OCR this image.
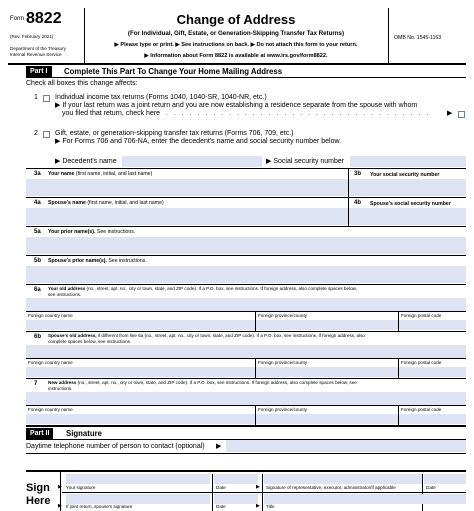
Form 8822
(Rev. February 2021)
Department of the Treasury Internal Revenue Service
Change of Address
(For Individual, Gift, Estate, or Generation-Skipping Transfer Tax Returns)
▶ Please type or print. ▶ See instructions on back. ▶ Do not attach this form to your return.
▶ Information about Form 8822 is available at www.irs.gov/form8822.
OMB No. 1545-1163
Part I	Complete This Part To Change Your Home Mailing Address
Check all boxes this change affects:
1 Individual income tax returns (Forms 1040, 1040-SR, 1040-NR, etc.)
▶ If your last return was a joint return and you are now establishing a residence separate from the spouse with whom
you filed that return, check here . . . . . . . . . . . . . . . . . . . . . . . . . . . . . . . . . . ▶
2 Gift, estate, or generation-skipping transfer tax returns (Forms 706, 709, etc.)
▶ For Forms 706 and 706-NA, enter the decedent's name and social security number below.
▶ Decedent's name	▶ Social security number
3a Your name (first name, initial, and last name)	3b Your social security number
4a Spouse's name (first name, initial, and last name)	4b Spouse's social security number
5a Your prior name(s). See instructions.
5b Spouse's prior name(s). See instructions.
6a Your old address (no., street, apt. no., city or town, state, and ZIP code). If a P.O. box, see instructions. If foreign address, also complete spaces below,
see instructions.
Foreign country name	Foreign province/county	Foreign postal code
6b Spouse's old address, if different from line 6a (no., street, apt. no., city or town, state, and ZIP code). If a P.O. box, see instructions. If foreign address, also
complete spaces below, see instructions.
Foreign country name	Foreign province/county	Foreign postal code
7 New address (no., street, apt. no., city or town, state, and ZIP code). If a P.O. box, see instructions. If foreign address, also complete spaces below, see
instructions.
Foreign country name	Foreign province/county	Foreign postal code
Part II	Signature
Daytime telephone number of person to contact (optional) ▶
Sign
Here
▶ Your signature	Date	▶ Signature of representative, executor, administrator/if applicable	Date
▶ If joint return, spouse's signature	Date	▶ Title
